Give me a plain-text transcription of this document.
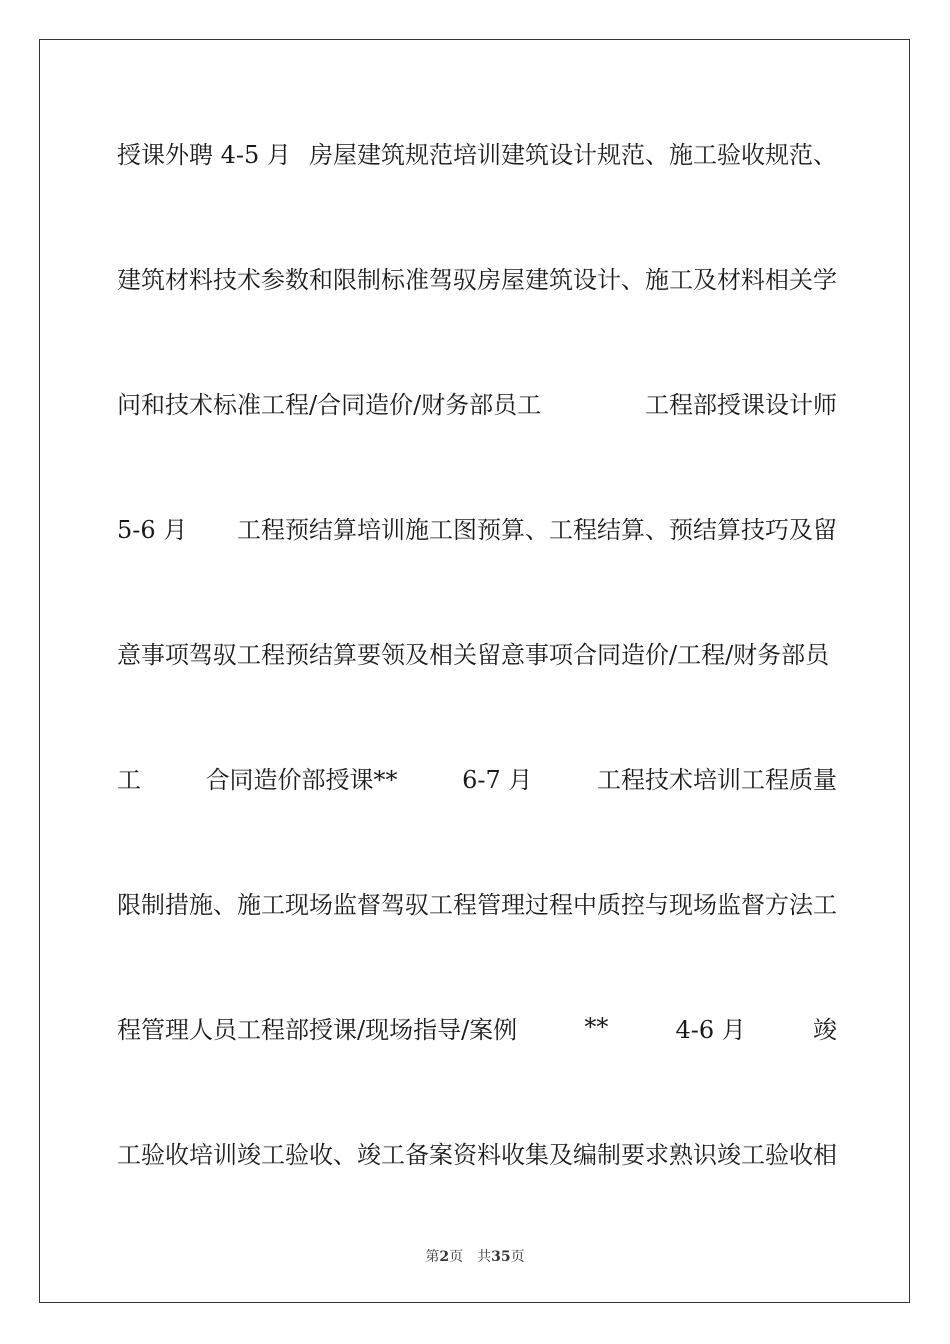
授课外聘 4-5 月 房屋建筑规范培训建筑设计规范、施工验收规范、
建筑材料技术参数和限制标准驾驭房屋建筑设计、施工及材料相关学
问和技术标准工程/合同造价/财务部员工	工程部授课设计师
5-6 月 工程预结算培训施工图预算、工程结算、预结算技巧及留
意事项驾驭工程预结算要领及相关留意事项合同造价/工程/财务部员
工	合同造价部授课**	6-7 月	工程技术培训工程质量
限制措施、施工现场监督驾驭工程管理过程中质控与现场监督方法工
程管理人员工程部授课/现场指导/案例	**	4-6 月	竣
工验收培训竣工验收、竣工备案资料收集及编制要求熟识竣工验收相
第2页 共35页
